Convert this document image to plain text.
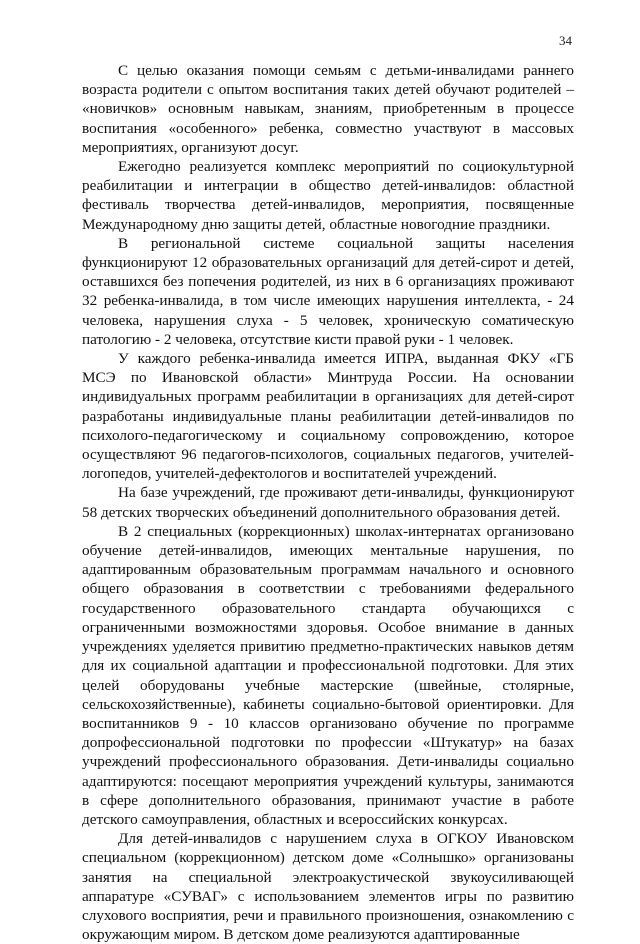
34

С целью оказания помощи семьям с детьми-инвалидами раннего возраста родители с опытом воспитания таких детей обучают родителей – «новичков» основным навыкам, знаниям, приобретенным в процессе воспитания «особенного» ребенка, совместно участвуют в массовых мероприятиях, организуют досуг.

Ежегодно реализуется комплекс мероприятий по социокультурной реабилитации и интеграции в общество детей-инвалидов: областной фестиваль творчества детей-инвалидов, мероприятия, посвященные Международному дню защиты детей, областные новогодние праздники.

В региональной системе социальной защиты населения функционируют 12 образовательных организаций для детей-сирот и детей, оставшихся без попечения родителей, из них в 6 организациях проживают 32 ребенка-инвалида, в том числе имеющих нарушения интеллекта, - 24 человека, нарушения слуха - 5 человек, хроническую соматическую патологию - 2 человека, отсутствие кисти правой руки - 1 человек.

У каждого ребенка-инвалида имеется ИПРА, выданная ФКУ «ГБ МСЭ по Ивановской области» Минтруда России. На основании индивидуальных программ реабилитации в организациях для детей-сирот разработаны индивидуальные планы реабилитации детей-инвалидов по психолого-педагогическому и социальному сопровождению, которое осуществляют 96 педагогов-психологов, социальных педагогов, учителей-логопедов, учителей-дефектологов и воспитателей учреждений.

На базе учреждений, где проживают дети-инвалиды, функционируют 58 детских творческих объединений дополнительного образования детей.

В 2 специальных (коррекционных) школах-интернатах организовано обучение детей-инвалидов, имеющих ментальные нарушения, по адаптированным образовательным программам начального и основного общего образования в соответствии с требованиями федерального государственного образовательного стандарта обучающихся с ограниченными возможностями здоровья. Особое внимание в данных учреждениях уделяется привитию предметно-практических навыков детям для их социальной адаптации и профессиональной подготовки. Для этих целей оборудованы учебные мастерские (швейные, столярные, сельскохозяйственные), кабинеты социально-бытовой ориентировки. Для воспитанников 9 - 10 классов организовано обучение по программе допрофессиональной подготовки по профессии «Штукатур» на базах учреждений профессионального образования. Дети-инвалиды социально адаптируются: посещают мероприятия учреждений культуры, занимаются в сфере дополнительного образования, принимают участие в работе детского самоуправления, областных и всероссийских конкурсах.

Для детей-инвалидов с нарушением слуха в ОГКОУ Ивановском специальном (коррекционном) детском доме «Солнышко» организованы занятия на специальной электроакустической звукоусиливающей аппаратуре «СУВАГ» с использованием элементов игры по развитию слухового восприятия, речи и правильного произношения, ознакомлению с окружающим миром. В детском доме реализуются адаптированные
